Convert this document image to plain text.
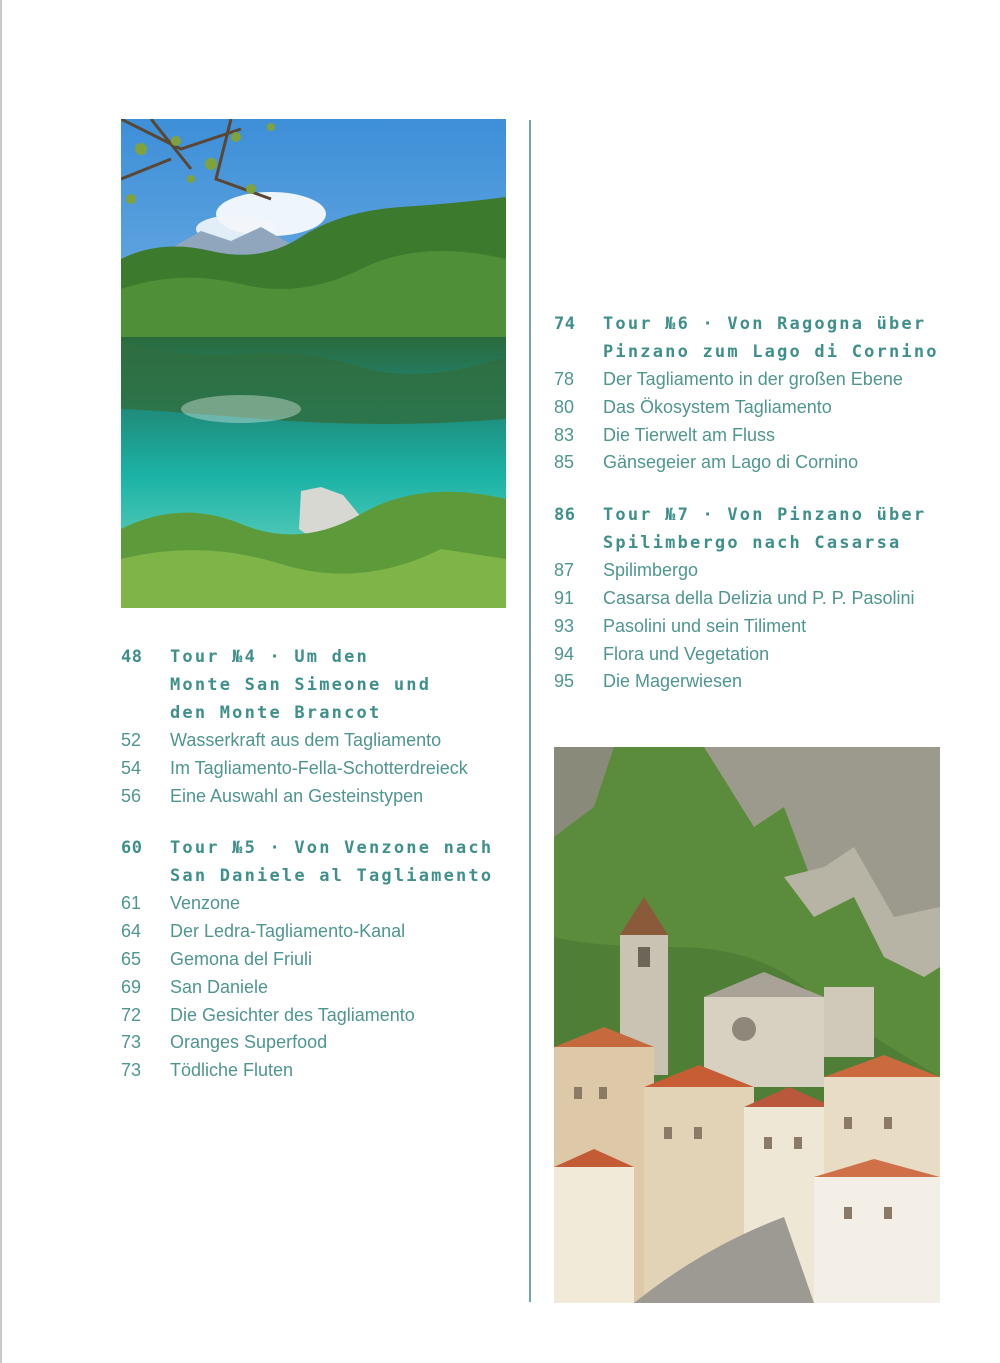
48	Tour №4 · Um den
Monte San Simeone und
den Monte Brancot
52	Wasserkraft aus dem Tagliamento
54	Im Tagliamento-Fella-Schotterdreieck
56	Eine Auswahl an Gesteinstypen
60	Tour №5 · Von Venzone nach
San Daniele al Tagliamento
61	Venzone
64	Der Ledra-Tagliamento-Kanal
65	Gemona del Friuli
69	San Daniele
72	Die Gesichter des Tagliamento
73	Oranges Superfood
73	Tödliche Fluten
74	Tour №6 · Von Ragogna über
Pinzano zum Lago di Cornino
78	Der Tagliamento in der großen Ebene
80	Das Ökosystem Tagliamento
83	Die Tierwelt am Fluss
85	Gänsegeier am Lago di Cornino
86	Tour №7 · Von Pinzano über
Spilimbergo nach Casarsa
87	Spilimbergo
91	Casarsa della Delizia und P. P. Pasolini
93	Pasolini und sein Tiliment
94	Flora und Vegetation
95	Die Magerwiesen
